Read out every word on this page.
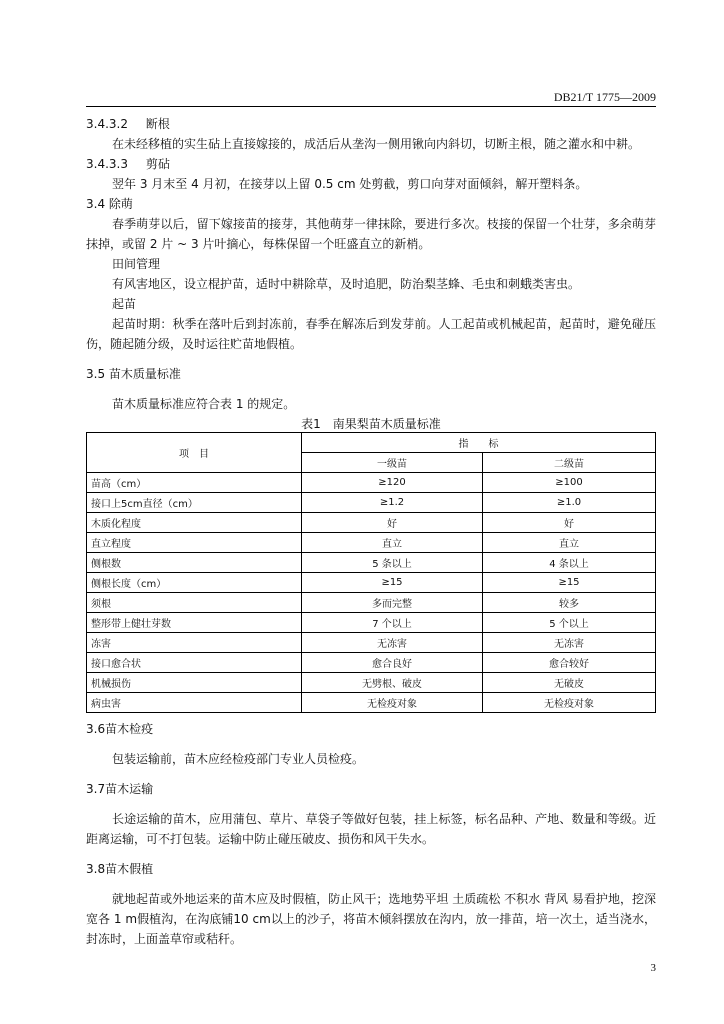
DB21/T 1775—2009
3.4.3.2 断根
在未经移植的实生砧上直接嫁接的，成活后从垄沟一侧用锹向内斜切，切断主根，随之灌水和中耕。
3.4.3.3 剪砧
翌年 3 月末至 4 月初，在接芽以上留 0.5 cm 处剪截，剪口向芽对面倾斜，解开塑料条。
3.4 除萌
春季萌芽以后，留下嫁接苗的接芽，其他萌芽一律抹除，要进行多次。枝接的保留一个壮芽，多余萌芽抹掉，或留 2 片 ~ 3 片叶摘心，每株保留一个旺盛直立的新梢。
田间管理
有风害地区，设立棍护苗，适时中耕除草，及时追肥，防治梨茎蜂、毛虫和刺蛾类害虫。
起苗
起苗时期：秋季在落叶后到封冻前，春季在解冻后到发芽前。人工起苗或机械起苗，起苗时，避免碰压伤，随起随分级，及时运往贮苗地假植。
3.5 苗木质量标准
苗木质量标准应符合表 1 的规定。
表1　南果梨苗木质量标准
项　目	指　　标	
	一级苗	二级苗
苗高（cm）	≥120	≥100
接口上5cm直径（cm）	≥1.2	≥1.0
木质化程度	好	好
直立程度	直立	直立
侧根数	5 条以上	4 条以上
侧根长度（cm）	≥15	≥15
须根	多而完整	较多
整形带上健壮芽数	7 个以上	5 个以上
冻害	无冻害	无冻害
接口愈合状	愈合良好	愈合较好
机械损伤	无劈根、破皮	无破皮
病虫害	无检疫对象	无检疫对象
3.6苗木检疫
包装运输前，苗木应经检疫部门专业人员检疫。
3.7苗木运输
长途运输的苗木，应用蒲包、草片、草袋子等做好包装，挂上标签，标名品种、产地、数量和等级。近距离运输，可不打包装。运输中防止碰压破皮、损伤和风干失水。
3.8苗木假植
就地起苗或外地运来的苗木应及时假植，防止风干；选地势平坦 土质疏松 不积水 背风 易看护地，挖深宽各 1 m假植沟，在沟底铺10 cm以上的沙子，将苗木倾斜摆放在沟内，放一排苗，培一次土，适当浇水，封冻时，上面盖草帘或秸秆。
3
